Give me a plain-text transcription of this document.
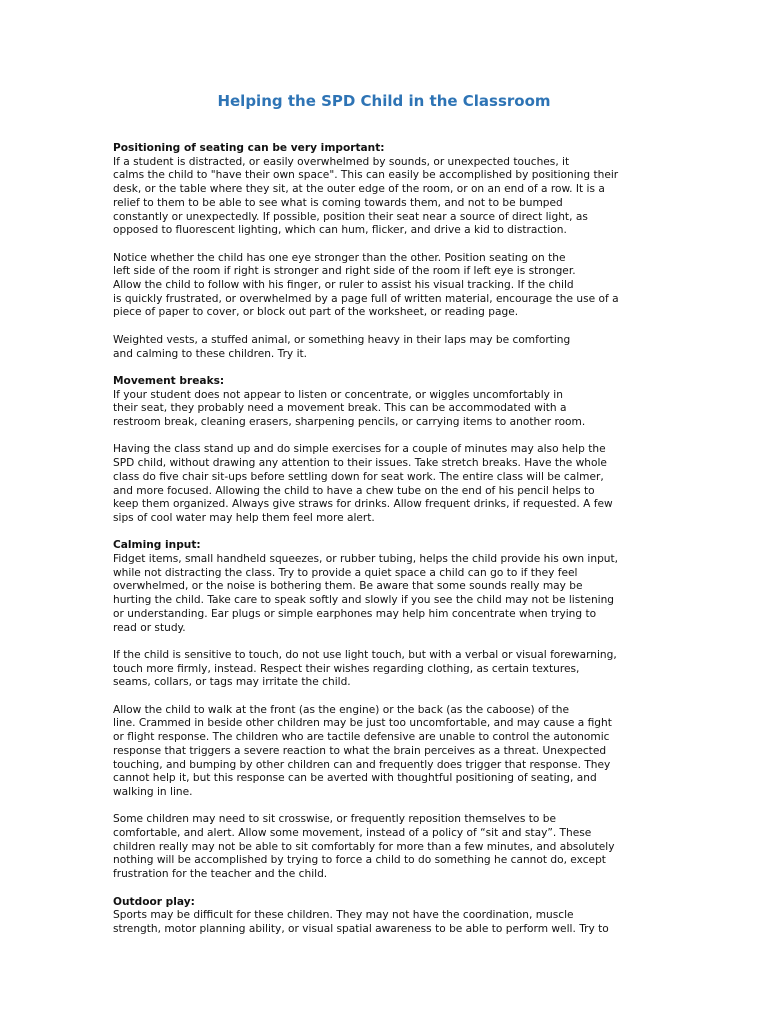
Helping the SPD Child in the Classroom

Positioning of seating can be very important:

If a student is distracted, or easily overwhelmed by sounds, or unexpected touches, it
calms the child to "have their own space". This can easily be accomplished by positioning their
desk, or the table where they sit, at the outer edge of the room, or on an end of a row. It is a
relief to them to be able to see what is coming towards them, and not to be bumped
constantly or unexpectedly. If possible, position their seat near a source of direct light, as
opposed to fluorescent lighting, which can hum, flicker, and drive a kid to distraction.

Notice whether the child has one eye stronger than the other. Position seating on the
left side of the room if right is stronger and right side of the room if left eye is stronger.
Allow the child to follow with his finger, or ruler to assist his visual tracking. If the child
is quickly frustrated, or overwhelmed by a page full of written material, encourage the use of a
piece of paper to cover, or block out part of the worksheet, or reading page.

Weighted vests, a stuffed animal, or something heavy in their laps may be comforting
and calming to these children. Try it.

Movement breaks:

If your student does not appear to listen or concentrate, or wiggles uncomfortably in
their seat, they probably need a movement break. This can be accommodated with a
restroom break, cleaning erasers, sharpening pencils, or carrying items to another room.

Having the class stand up and do simple exercises for a couple of minutes may also help the
SPD child, without drawing any attention to their issues. Take stretch breaks. Have the whole
class do five chair sit-ups before settling down for seat work. The entire class will be calmer,
and more focused. Allowing the child to have a chew tube on the end of his pencil helps to
keep them organized. Always give straws for drinks. Allow frequent drinks, if requested. A few
sips of cool water may help them feel more alert.

Calming input:

Fidget items, small handheld squeezes, or rubber tubing, helps the child provide his own input,
while not distracting the class. Try to provide a quiet space a child can go to if they feel
overwhelmed, or the noise is bothering them. Be aware that some sounds really may be
hurting the child. Take care to speak softly and slowly if you see the child may not be listening
or understanding. Ear plugs or simple earphones may help him concentrate when trying to
read or study.

If the child is sensitive to touch, do not use light touch, but with a verbal or visual forewarning,
touch more firmly, instead. Respect their wishes regarding clothing, as certain textures,
seams, collars, or tags may irritate the child.

Allow the child to walk at the front (as the engine) or the back (as the caboose) of the
line. Crammed in beside other children may be just too uncomfortable, and may cause a fight
or flight response. The children who are tactile defensive are unable to control the autonomic
response that triggers a severe reaction to what the brain perceives as a threat. Unexpected
touching, and bumping by other children can and frequently does trigger that response. They
cannot help it, but this response can be averted with thoughtful positioning of seating, and
walking in line.

Some children may need to sit crosswise, or frequently reposition themselves to be
comfortable, and alert. Allow some movement, instead of a policy of “sit and stay”. These
children really may not be able to sit comfortably for more than a few minutes, and absolutely
nothing will be accomplished by trying to force a child to do something he cannot do, except
frustration for the teacher and the child.

Outdoor play:

Sports may be difficult for these children. They may not have the coordination, muscle
strength, motor planning ability, or visual spatial awareness to be able to perform well. Try to
